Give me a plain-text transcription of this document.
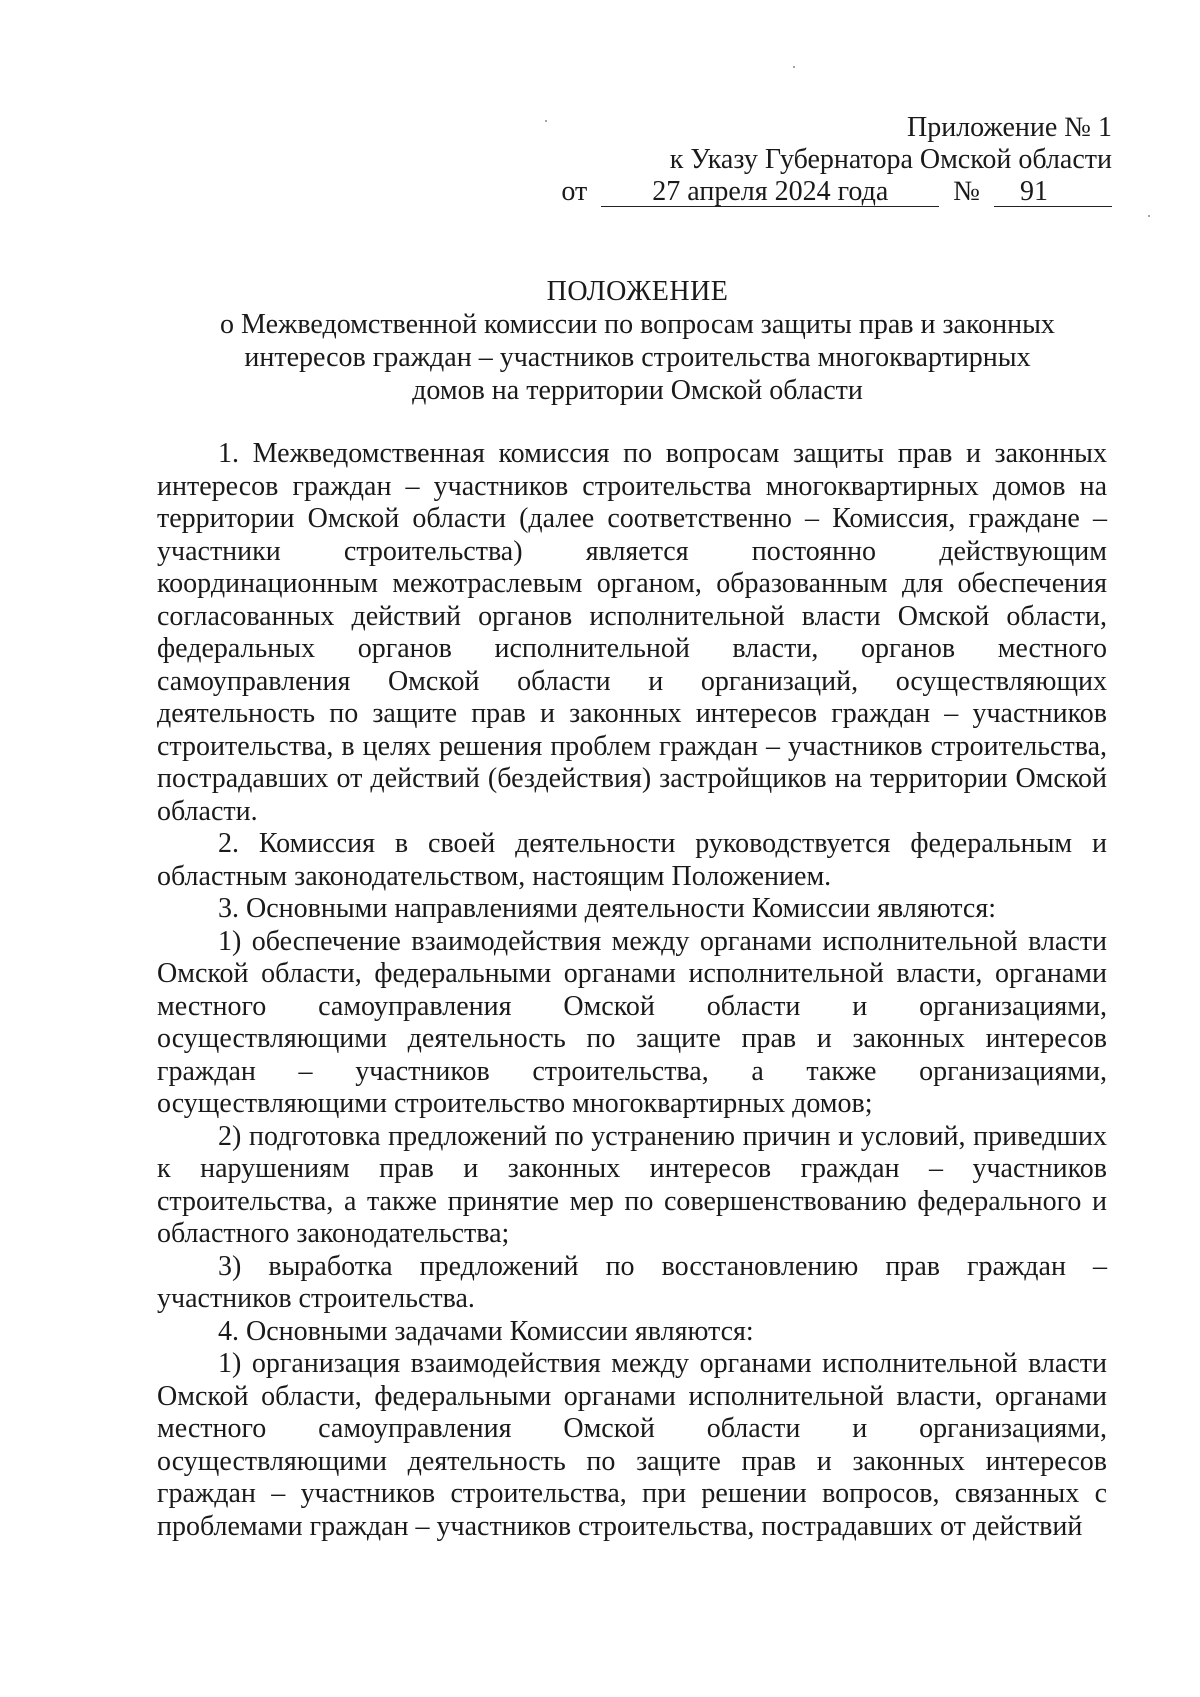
Приложение № 1
к Указу Губернатора Омской области
от	27 апреля 2024 года	№	91
ПОЛОЖЕНИЕ
о Межведомственной комиссии по вопросам защиты прав и законных
интересов граждан – участников строительства многоквартирных
домов на территории Омской области

1. Межведомственная комиссия по вопросам защиты прав и законных интересов граждан – участников строительства многоквартирных домов на территории Омской области (далее соответственно – Комиссия, граждане – участники строительства) является постоянно действующим координационным межотраслевым органом, образованным для обеспечения согласованных действий органов исполнительной власти Омской области, федеральных органов исполнительной власти, органов местного самоуправления Омской области и организаций, осуществляющих деятельность по защите прав и законных интересов граждан – участников строительства, в целях решения проблем граждан – участников строительства, пострадавших от действий (бездействия) застройщиков на территории Омской области.

2. Комиссия в своей деятельности руководствуется федеральным и областным законодательством, настоящим Положением.

3. Основными направлениями деятельности Комиссии являются:

1) обеспечение взаимодействия между органами исполнительной власти Омской области, федеральными органами исполнительной власти, органами местного самоуправления Омской области и организациями, осуществляющими деятельность по защите прав и законных интересов граждан – участников строительства, а также организациями, осуществляющими строительство многоквартирных домов;

2) подготовка предложений по устранению причин и условий, приведших к нарушениям прав и законных интересов граждан – участников строительства, а также принятие мер по совершенствованию федерального и областного законодательства;

3) выработка предложений по восстановлению прав граждан – участников строительства.

4. Основными задачами Комиссии являются:

1) организация взаимодействия между органами исполнительной власти Омской области, федеральными органами исполнительной власти, органами местного самоуправления Омской области и организациями, осуществляющими деятельность по защите прав и законных интересов граждан – участников строительства, при решении вопросов, связанных с проблемами граждан – участников строительства, пострадавших от действий
